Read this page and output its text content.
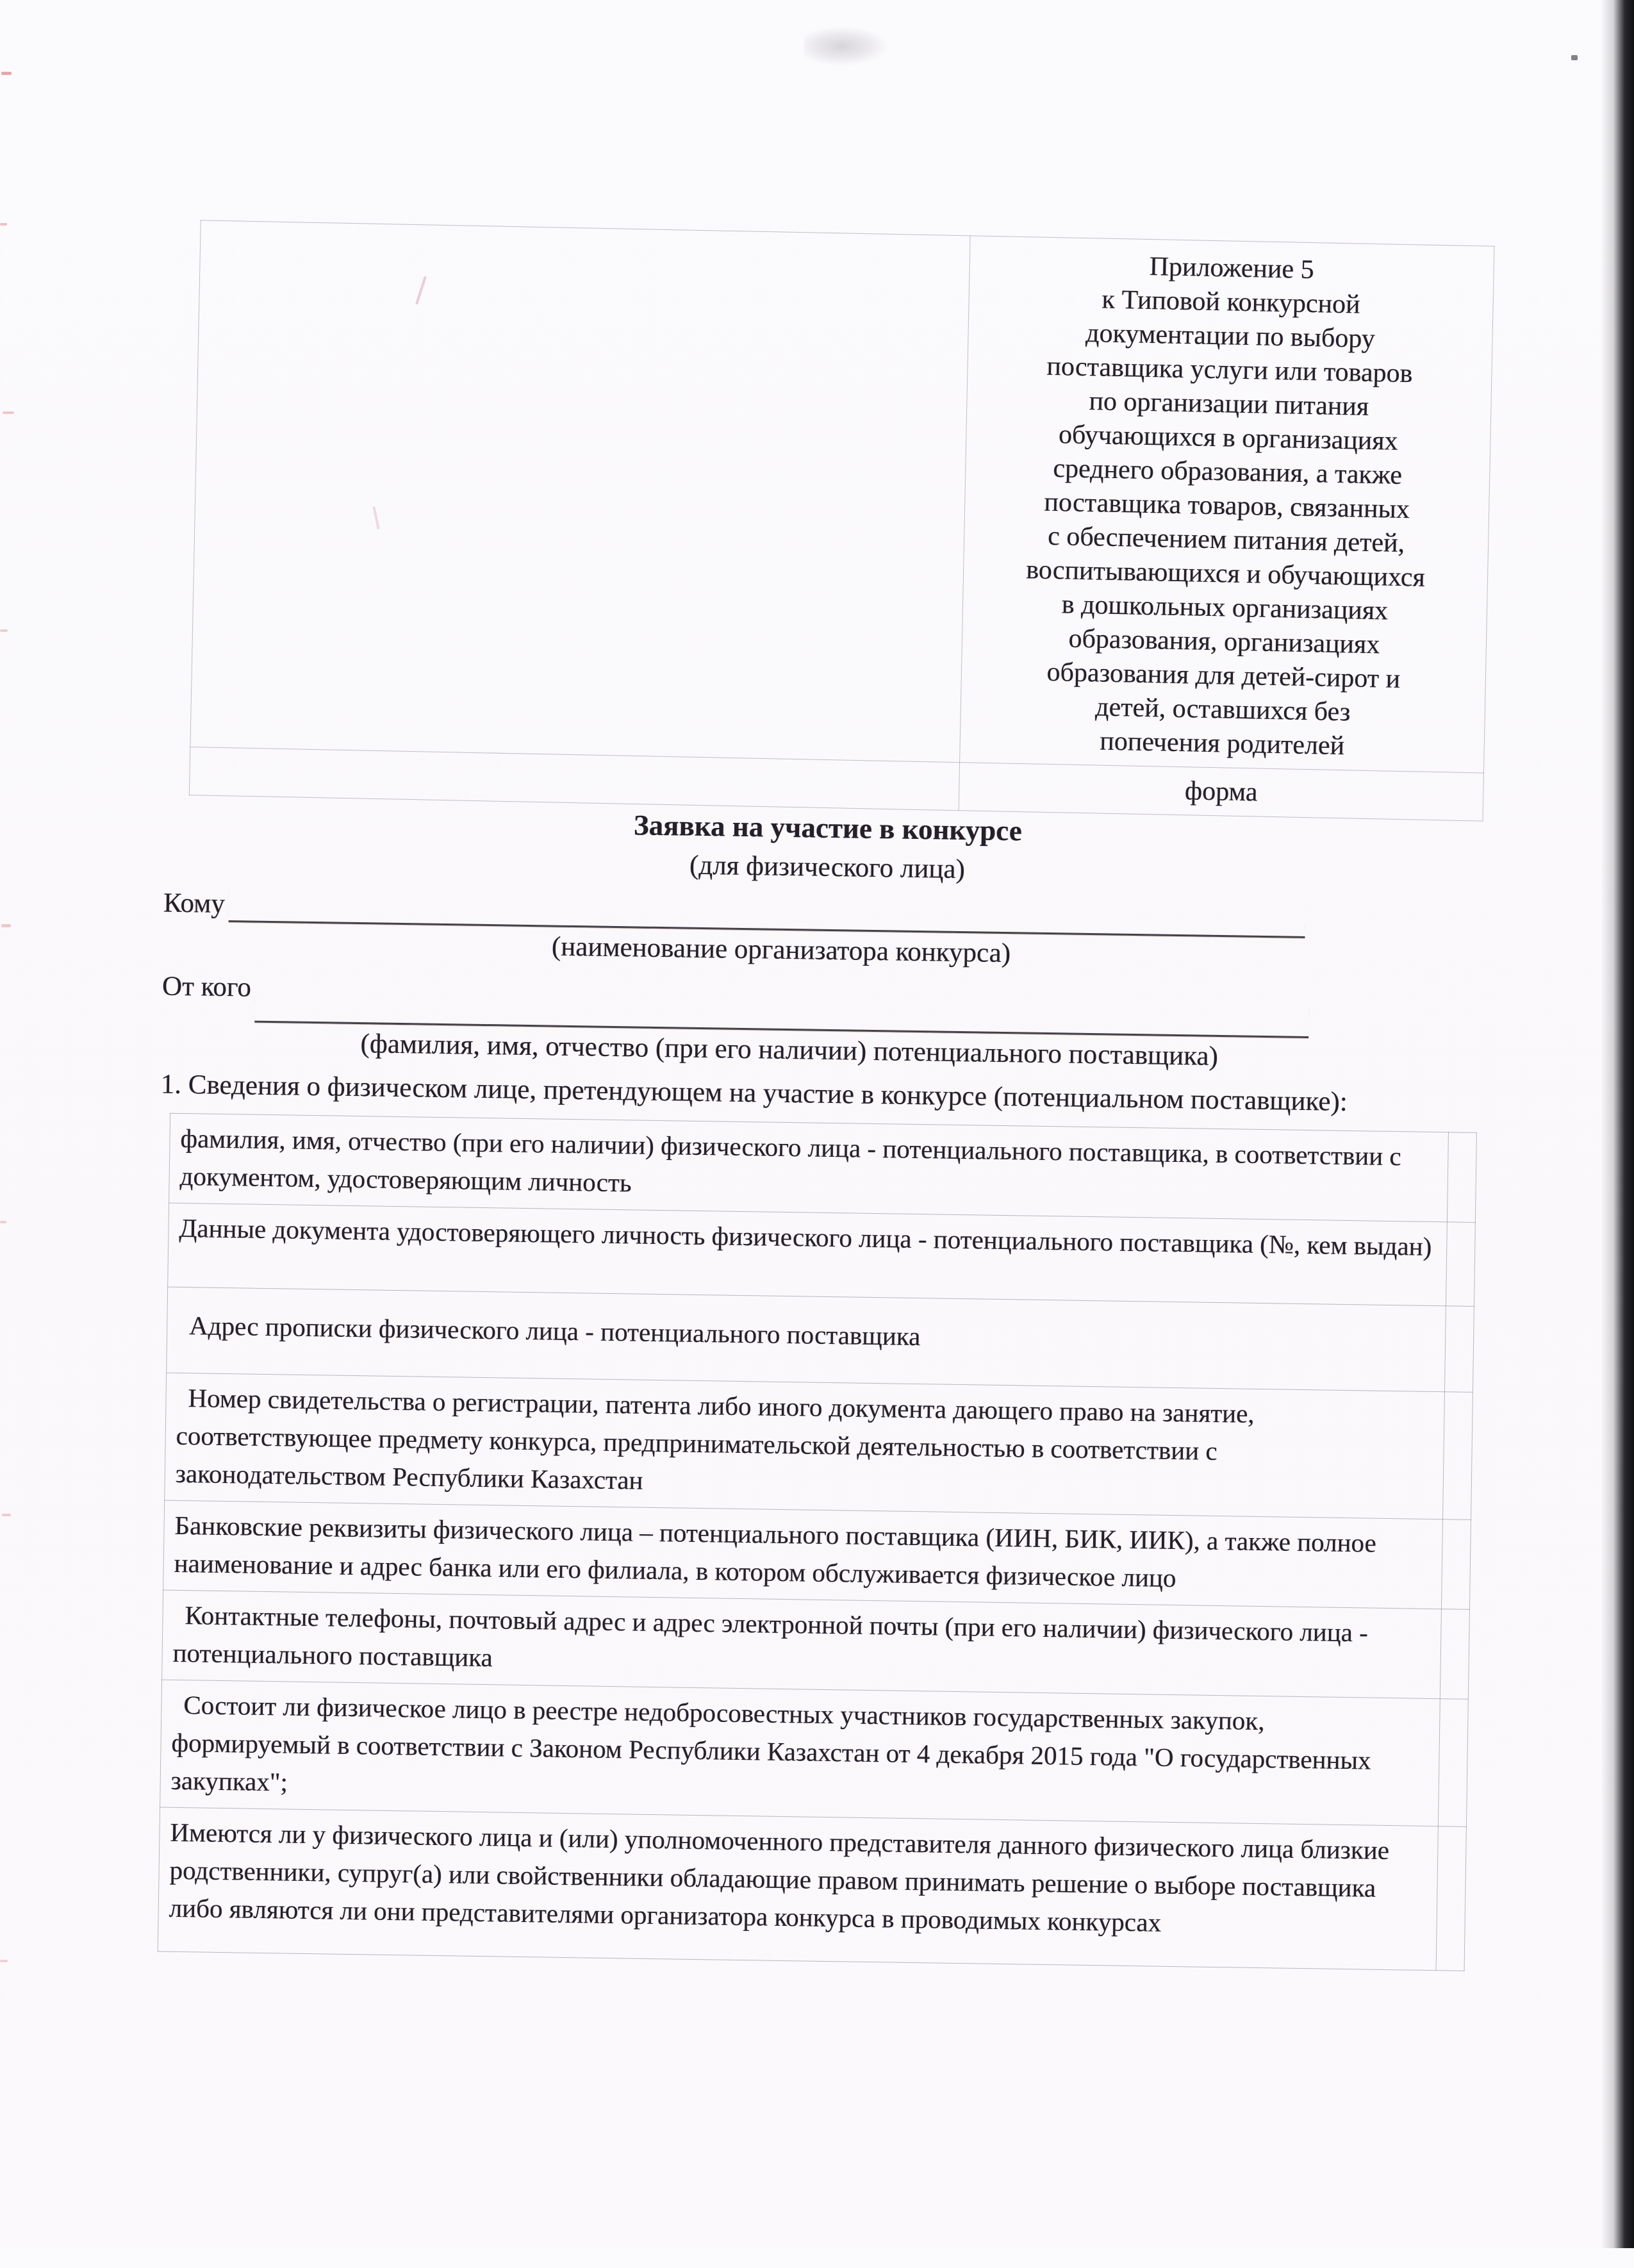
Приложение 5
к Типовой конкурсной
документации по выбору
поставщика услуги или товаров
по организации питания
обучающихся в организациях
среднего образования, а также
поставщика товаров, связанных
с обеспечением питания детей,
воспитывающихся и обучающихся
в дошкольных организациях
образования, организациях
образования для детей-сирот и
детей, оставшихся без
попечения родителей

	форма
Заявка на участие в конкурсе
(для физического лица)
Кому
(наименование организатора конкурса)
От кого
(фамилия, имя, отчество (при его наличии) потенциального поставщика)
1. Сведения о физическом лице, претендующем на участие в конкурсе (потенциальном поставщике):
фамилия, имя, отчество (при его наличии) физического лица - потенциального поставщика, в соответствии с документом, удостоверяющим личность	
Данные документа удостоверяющего личность физического лица - потенциального поставщика (№, кем выдан)	
Адрес прописки физического лица - потенциального поставщика	
Номер свидетельства о регистрации, патента либо иного документа дающего право на занятие, соответствующее предмету конкурса, предпринимательской деятельностью в соответствии с законодательством Республики Казахстан	
Банковские реквизиты физического лица – потенциального поставщика (ИИН, БИК, ИИК), а также полное наименование и адрес банка или его филиала, в котором обслуживается физическое лицо	
Контактные телефоны, почтовый адрес и адрес электронной почты (при его наличии) физического лица - потенциального поставщика	
Состоит ли физическое лицо в реестре недобросовестных участников государственных закупок, формируемый в соответствии с Законом Республики Казахстан от 4 декабря 2015 года "О государственных закупках";	
Имеются ли у физического лица и (или) уполномоченного представителя данного физического лица близкие родственники, супруг(а) или свойственники обладающие правом принимать решение о выборе поставщика либо являются ли они представителями организатора конкурса в проводимых конкурсах	
